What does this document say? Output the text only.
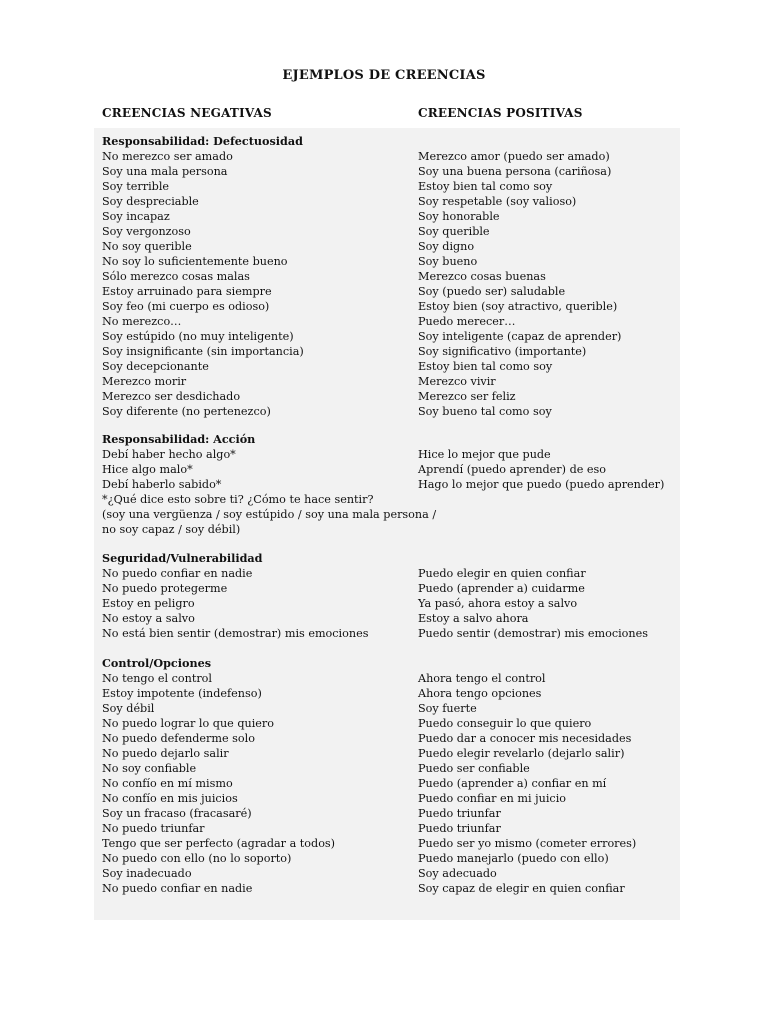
EJEMPLOS DE CREENCIAS
CREENCIAS NEGATIVAS	CREENCIAS POSITIVAS
Responsabilidad: Defectuosidad
No merezco ser amado
Soy una mala persona
Soy terrible
Soy despreciable
Soy incapaz
Soy vergonzoso
No soy querible
No soy lo suficientemente bueno
Sólo merezco cosas malas
Estoy arruinado para siempre
Soy feo (mi cuerpo es odioso)
No merezco…
Soy estúpido (no muy inteligente)
Soy insignificante (sin importancia)
Soy decepcionante
Merezco morir
Merezco ser desdichado
Soy diferente (no pertenezco)
Merezco amor (puedo ser amado)
Soy una buena persona (cariñosa)
Estoy bien tal como soy
Soy respetable (soy valioso)
Soy honorable
Soy querible
Soy digno
Soy bueno
Merezco cosas buenas
Soy (puedo ser) saludable
Estoy bien (soy atractivo, querible)
Puedo merecer…
Soy inteligente (capaz de aprender)
Soy significativo (importante)
Estoy bien tal como soy
Merezco vivir
Merezco ser feliz
Soy bueno tal como soy
Responsabilidad: Acción
Debí haber hecho algo*
Hice algo malo*
Debí haberlo sabido*
*¿Qué dice esto sobre ti? ¿Cómo te hace sentir?
(soy una vergüenza / soy estúpido / soy una mala persona /
no soy capaz / soy débil)
Hice lo mejor que pude
Aprendí (puedo aprender) de eso
Hago lo mejor que puedo (puedo aprender)
Seguridad/Vulnerabilidad
No puedo confiar en nadie
No puedo protegerme
Estoy en peligro
No estoy a salvo
No está bien sentir (demostrar) mis emociones
Puedo elegir en quien confiar
Puedo (aprender a) cuidarme
Ya pasó, ahora estoy a salvo
Estoy a salvo ahora
Puedo sentir (demostrar) mis emociones
Control/Opciones
No tengo el control
Estoy impotente (indefenso)
Soy débil
No puedo lograr lo que quiero
No puedo defenderme solo
No puedo dejarlo salir
No soy confiable
No confío en mí mismo
No confío en mis juicios
Soy un fracaso (fracasaré)
No puedo triunfar
Tengo que ser perfecto (agradar a todos)
No puedo con ello (no lo soporto)
Soy inadecuado
No puedo confiar en nadie
Ahora tengo el control
Ahora tengo opciones
Soy fuerte
Puedo conseguir lo que quiero
Puedo dar a conocer mis necesidades
Puedo elegir revelarlo (dejarlo salir)
Puedo ser confiable
Puedo (aprender a) confiar en mí
Puedo confiar en mi juicio
Puedo triunfar
Puedo triunfar
Puedo ser yo mismo (cometer errores)
Puedo manejarlo (puedo con ello)
Soy adecuado
Soy capaz de elegir en quien confiar
